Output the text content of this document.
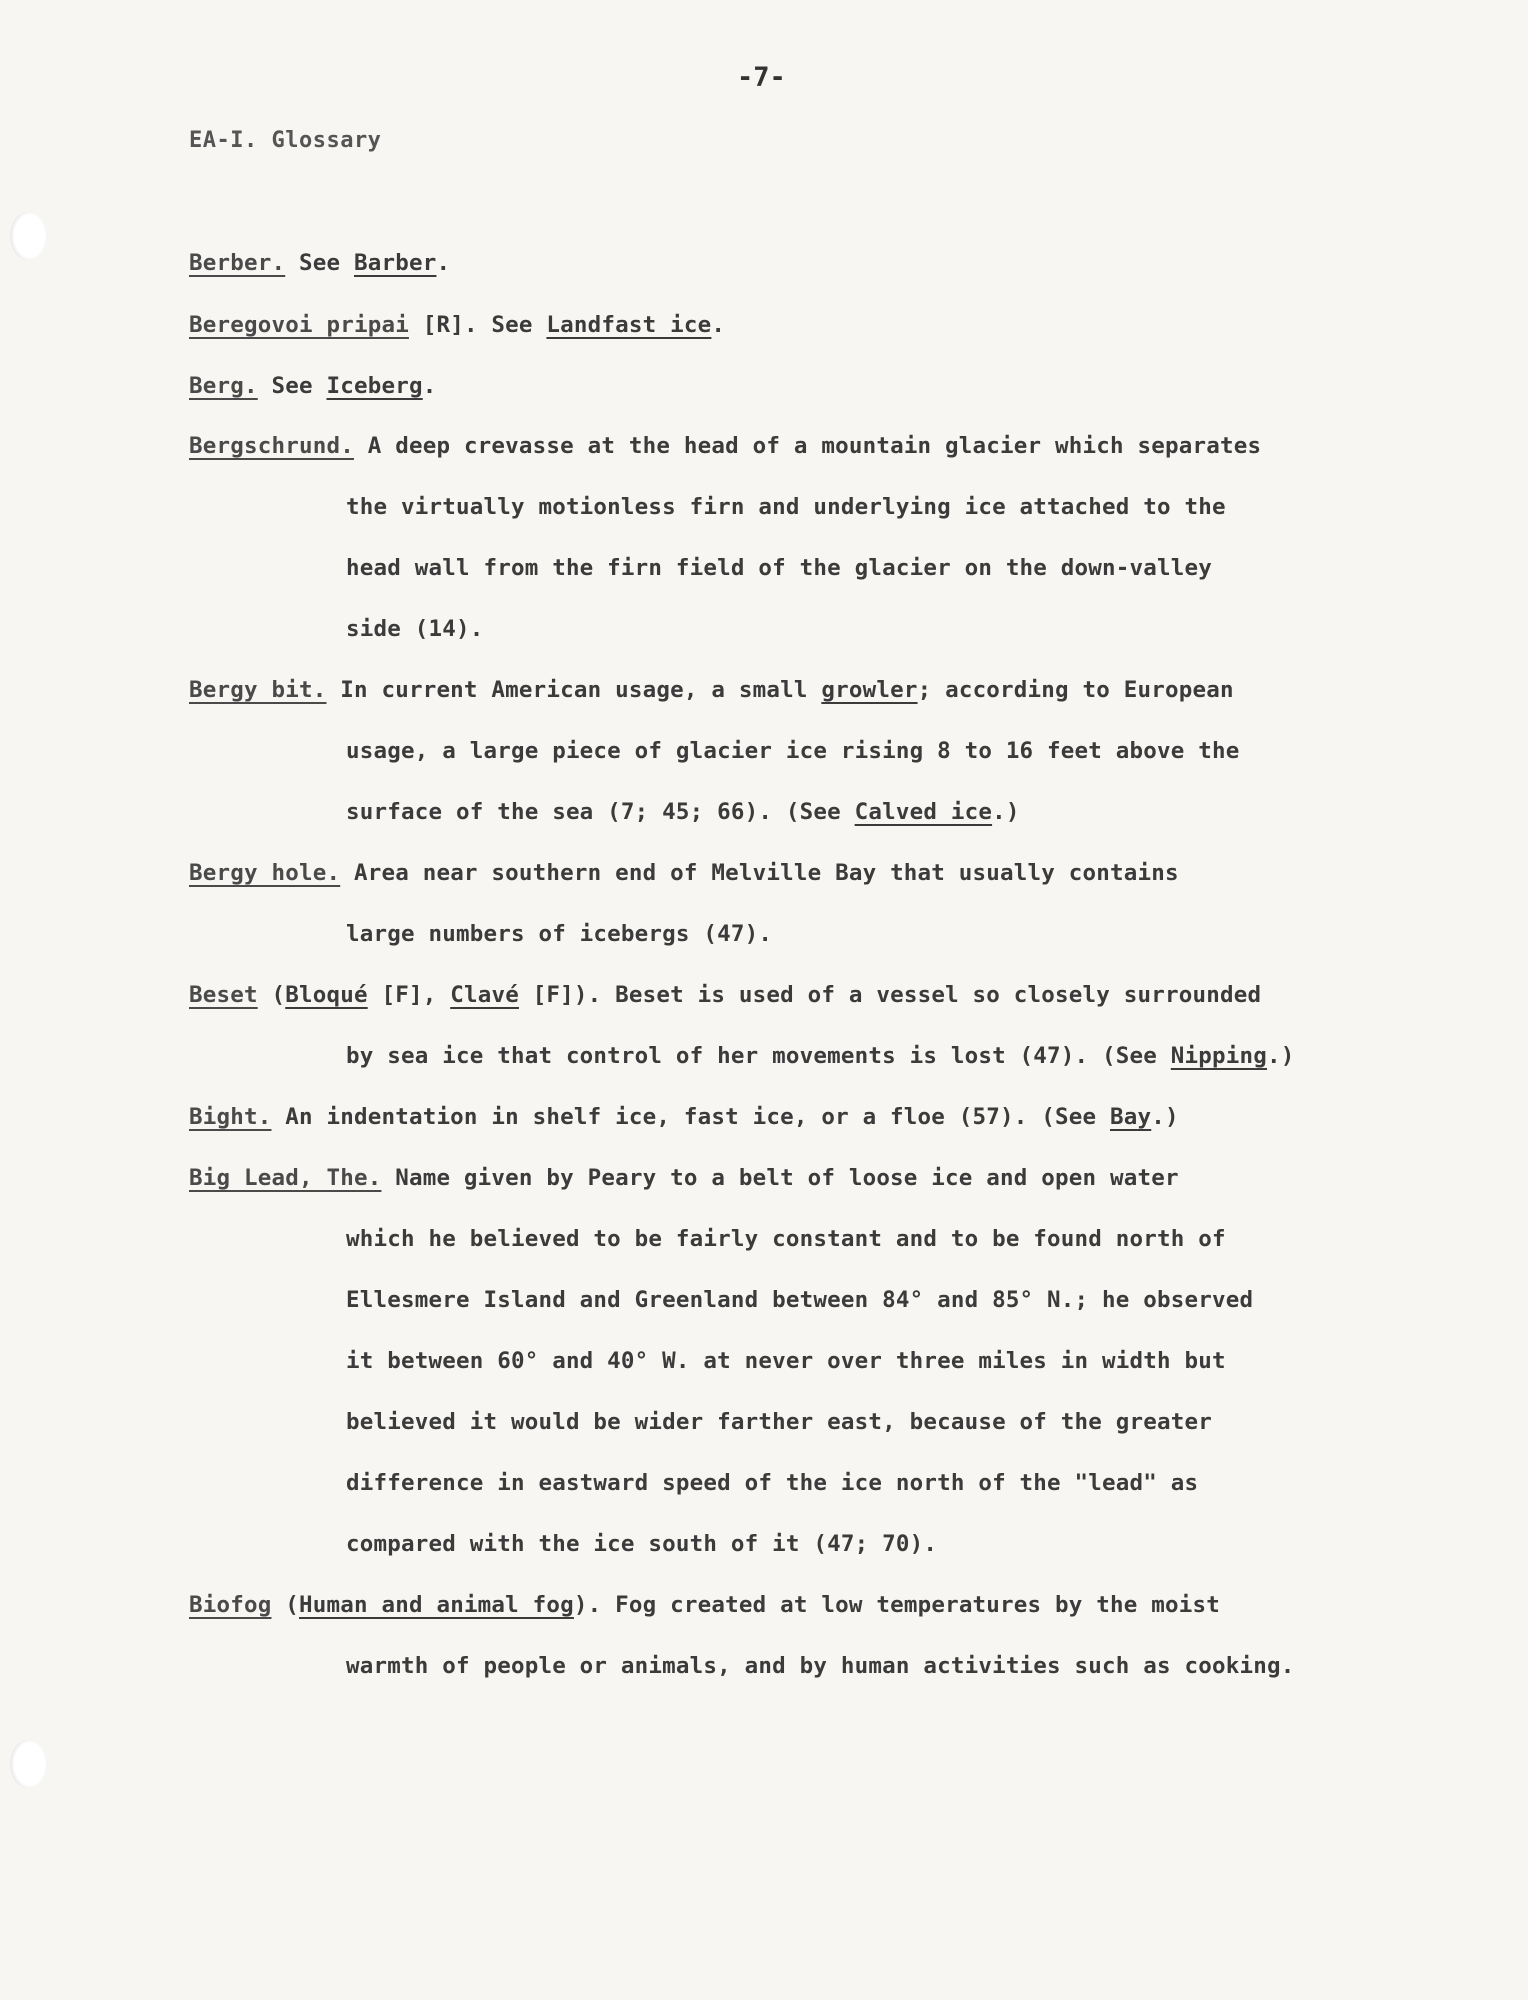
-7-
EA-I. Glossary
Berber. See Barber.
Beregovoi pripai [R]. See Landfast ice.
Berg. See Iceberg.
Bergschrund. A deep crevasse at the head of a mountain glacier which separates
the virtually motionless firn and underlying ice attached to the
head wall from the firn field of the glacier on the down-valley
side (14).
Bergy bit. In current American usage, a small growler; according to European
usage, a large piece of glacier ice rising 8 to 16 feet above the
surface of the sea (7; 45; 66). (See Calved ice.)
Bergy hole. Area near southern end of Melville Bay that usually contains
large numbers of icebergs (47).
Beset (Bloqué [F], Clavé [F]). Beset is used of a vessel so closely surrounded
by sea ice that control of her movements is lost (47). (See Nipping.)
Bight. An indentation in shelf ice, fast ice, or a floe (57). (See Bay.)
Big Lead, The. Name given by Peary to a belt of loose ice and open water
which he believed to be fairly constant and to be found north of
Ellesmere Island and Greenland between 84° and 85° N.; he observed
it between 60° and 40° W. at never over three miles in width but
believed it would be wider farther east, because of the greater
difference in eastward speed of the ice north of the "lead" as
compared with the ice south of it (47; 70).
Biofog (Human and animal fog). Fog created at low temperatures by the moist
warmth of people or animals, and by human activities such as cooking.
